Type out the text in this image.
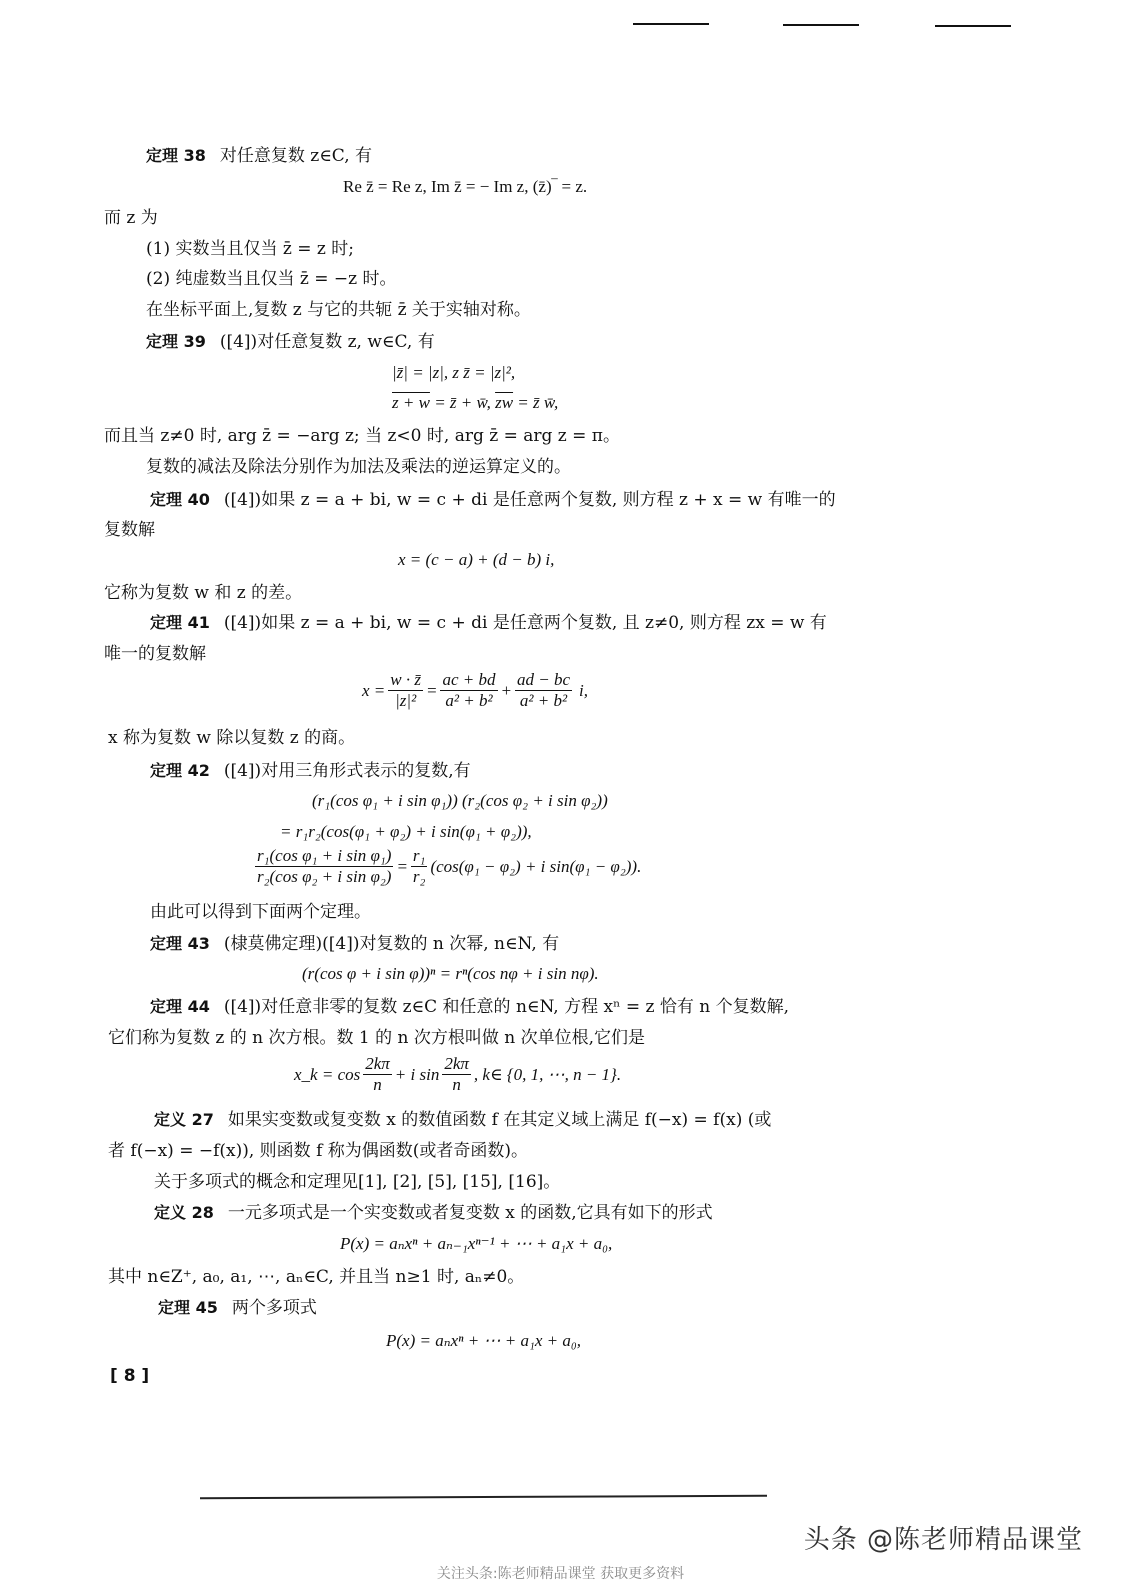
定理 38 对任意复数 z∈C, 有
Re z̄ = Re z, Im z̄ = − Im z, (z̄)‾ = z.
而 z 为
(1) 实数当且仅当 z̄ = z 时;
(2) 纯虚数当且仅当 z̄ = −z 时。
在坐标平面上,复数 z 与它的共轭 z̄ 关于实轴对称。
定理 39 ([4])对任意复数 z, w∈C, 有
|z̄| = |z|, z z̄ = |z|²,
z + w = z̄ + w̄, $\overline{zw}$ = z̄ w̄,
而且当 z≠0 时, arg z̄ = −arg z; 当 z<0 时, arg z̄ = arg z = π。
复数的减法及除法分别作为加法及乘法的逆运算定义的。
定理 40 ([4])如果 z = a + bi, w = c + di 是任意两个复数, 则方程 z + x = w 有唯一的
复数解
x = (c − a) + (d − b) i,
它称为复数 w 和 z 的差。
定理 41 ([4])如果 z = a + bi, w = c + di 是任意两个复数, 且 z≠0, 则方程 zx = w 有
唯一的复数解
$x = \frac{w \cdot z̄}{\text{|z|²}} = \frac{ac + bd}{\text{a² + b²}} + \frac{ad - bc}{\text{a² + b²}} i$,
x 称为复数 w 除以复数 z 的商。
定理 42 ([4])对用三角形式表示的复数,有
(r₁(cos φ₁ + i sin φ₁)) (r₂(cos φ₂ + i sin φ₂))
= r₁r₂(cos(φ₁ + φ₂) + i sin(φ₁ + φ₂)),
$\frac{\text{r₁(cos φ₁ + i sin φ₁)}}{\text{r₂(cos φ₂ + i sin φ₂)}} = \frac{\text{r₁}}{\text{r₂}} (\cos(\varphi_1 - \varphi_2) + i$ sin(φ₁ − φ₂)).
由此可以得到下面两个定理。
定理 43 (棣莫佛定理)([4])对复数的 n 次幂, n∈N, 有
(r(cos φ + i sin φ))ⁿ = rⁿ(cos nφ + i sin nφ).
定理 44 ([4])对任意非零的复数 z∈C 和任意的 n∈N, 方程 xⁿ = z 恰有 n 个复数解,
它们称为复数 z 的 n 次方根。数 1 的 n 次方根叫做 n 次单位根,它们是
x_k = $\cos \frac{2k\pi}{n} + i$ $\sin \frac{2k\pi}{n}$ , k∈ {0, 1, ⋯, n − 1}.
定义 27 如果实变数或复变数 x 的数值函数 f 在其定义域上满足 f(−x) = f(x) (或
者 f(−x) = −f(x)), 则函数 f 称为偶函数(或者奇函数)。
关于多项式的概念和定理见[1], [2], [5], [15], [16]。
定义 28 一元多项式是一个实变数或者复变数 x 的函数,它具有如下的形式
P(x) = aₙxⁿ + aₙ₋₁xⁿ⁻¹ + ⋯ + a₁x + a₀,
其中 n∈Z⁺, a₀, a₁, ⋯, aₙ∈C, 并且当 n≥1 时, aₙ≠0。
定理 45 两个多项式
P(x) = aₙxⁿ + ⋯ + a₁x + a₀,
[ 8 ]
头条 @陈老师精品课堂
关注头条:陈老师精品课堂 获取更多资料
